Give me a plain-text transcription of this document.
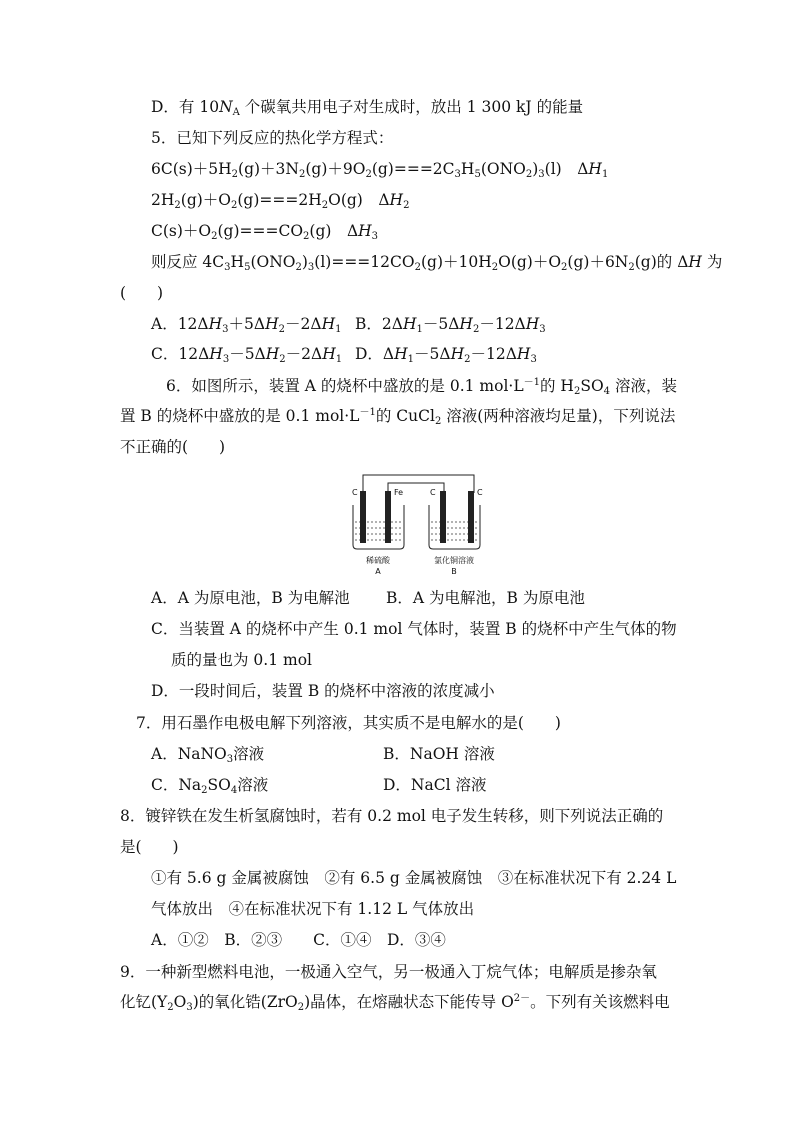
D．有 $10N_A$ 个碳氧共用电子对生成时，放出 1 300 kJ 的能量
5．已知下列反应的热化学方程式：
$6C(s)+5H_2(g)+3N_2(g)+9O_2(g)===2C_3H_5(ONO_2)_3(l)$　$\Delta H_1$
$2H_2(g)+O_2(g)===2H_2O(g)$　$\Delta H_2$
$C(s)+O_2(g)===CO_2(g)$　$\Delta H_3$
则反应 $4C_3H_5(ONO_2)_3(l)===12CO_2(g)+10H_2O(g)+O_2(g)+6N_2(g)$的 ΔH 为
(　　)
A．$12\Delta H_3+5\Delta H_2-2\Delta H_1$ B．$2\Delta H_1-5\Delta H_2-12\Delta H_3$
C．$12\Delta H_3-5\Delta H_2-2\Delta H_1$ D．$\Delta H_1-5\Delta H_2-12\Delta H_3$
6．如图所示，装置 A 的烧杯中盛放的是 0.1 $mol\cdot L^{-1}$的 $H_2SO_4$ 溶液，装
置 B 的烧杯中盛放的是 0.1 $mol\cdot L^{-1}$的 CuCl$_2$ 溶液(两种溶液均足量)，下列说法
不正确的(　　)
C	Fe	C	C
稀硫酸
A
氯化铜溶液
B
A．A 为原电池，B 为电解池 B．A 为电解池，B 为原电池
C．当装置 A 的烧杯中产生 0.1 mol 气体时，装置 B 的烧杯中产生气体的物
质的量也为 0.1 mol
D．一段时间后，装置 B 的烧杯中溶液的浓度减小
7．用石墨作电极电解下列溶液，其实质不是电解水的是(　　)
A．NaNO$_3$溶液	B．NaOH 溶液
C．$Na_2SO_4$溶液	D．NaCl 溶液
8．镀锌铁在发生析氢腐蚀时，若有 0.2 mol 电子发生转移，则下列说法正确的
是(　　)
①有 5.6 g 金属被腐蚀　②有 6.5 g 金属被腐蚀　③在标准状况下有 2.24 L
气体放出　④在标准状况下有 1.12 L 气体放出
A．①②　B．②③　　C．①④　D．③④
9．一种新型燃料电池，一极通入空气，另一极通入丁烷气体；电解质是掺杂氧
化钇$(Y_2O_3)$的氧化锆(ZrO$_2$)晶体，在熔融状态下能传导 $O^{2-}$。下列有关该燃料电
